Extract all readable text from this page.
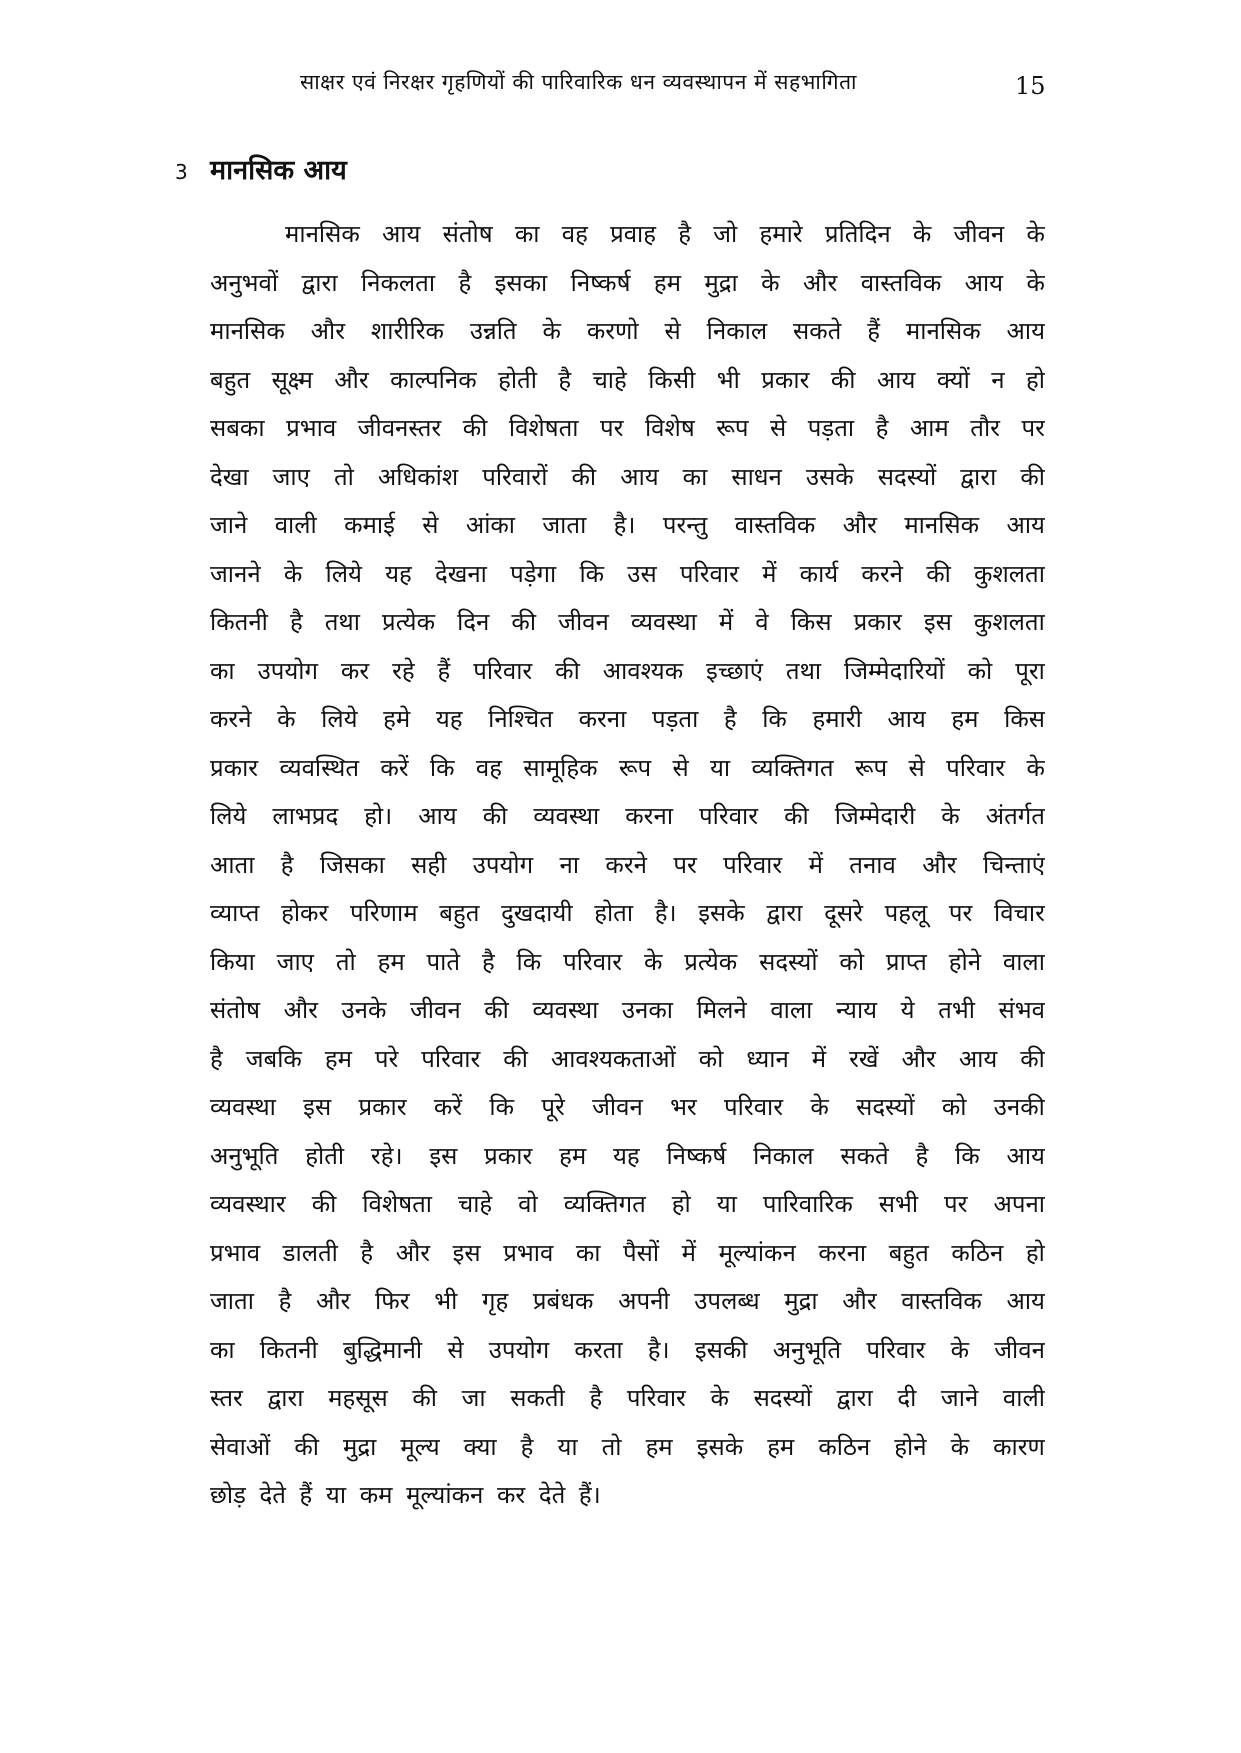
साक्षर एवं निरक्षर गृहणियों की पारिवारिक धन व्यवस्थापन में सहभागिता	15
3 मानसिक आय
मानसिक आय संतोष का वह प्रवाह है जो हमारे प्रतिदिन के जीवन के
अनुभवों द्वारा निकलता है इसका निष्कर्ष हम मुद्रा के और वास्तविक आय के
मानसिक और शारीरिक उन्नति के करणो से निकाल सकते हैं मानसिक आय
बहुत सूक्ष्म और काल्पनिक होती है चाहे किसी भी प्रकार की आय क्यों न हो
सबका प्रभाव जीवनस्तर की विशेषता पर विशेष रूप से पड़ता है आम तौर पर
देखा जाए तो अधिकांश परिवारों की आय का साधन उसके सदस्यों द्वारा की
जाने वाली कमाई से आंका जाता है। परन्तु वास्तविक और मानसिक आय
जानने के लिये यह देखना पड़ेगा कि उस परिवार में कार्य करने की कुशलता
कितनी है तथा प्रत्येक दिन की जीवन व्यवस्था में वे किस प्रकार इस कुशलता
का उपयोग कर रहे हैं परिवार की आवश्यक इच्छाएं तथा जिम्मेदारियों को पूरा
करने के लिये हमे यह निश्चित करना पड़ता है कि हमारी आय हम किस
प्रकार व्यवस्थित करें कि वह सामूहिक रूप से या व्यक्तिगत रूप से परिवार के
लिये लाभप्रद हो। आय की व्यवस्था करना परिवार की जिम्मेदारी के अंतर्गत
आता है जिसका सही उपयोग ना करने पर परिवार में तनाव और चिन्ताएं
व्याप्त होकर परिणाम बहुत दुखदायी होता है। इसके द्वारा दूसरे पहलू पर विचार
किया जाए तो हम पाते है कि परिवार के प्रत्येक सदस्यों को प्राप्त होने वाला
संतोष और उनके जीवन की व्यवस्था उनका मिलने वाला न्याय ये तभी संभव
है जबकि हम परे परिवार की आवश्यकताओं को ध्यान में रखें और आय की
व्यवस्था इस प्रकार करें कि पूरे जीवन भर परिवार के सदस्यों को उनकी
अनुभूति होती रहे। इस प्रकार हम यह निष्कर्ष निकाल सकते है कि आय
व्यवस्थार की विशेषता चाहे वो व्यक्तिगत हो या पारिवारिक सभी पर अपना
प्रभाव डालती है और इस प्रभाव का पैसों में मूल्यांकन करना बहुत कठिन हो
जाता है और फिर भी गृह प्रबंधक अपनी उपलब्ध मुद्रा और वास्तविक आय
का कितनी बुद्धिमानी से उपयोग करता है। इसकी अनुभूति परिवार के जीवन
स्तर द्वारा महसूस की जा सकती है परिवार के सदस्यों द्वारा दी जाने वाली
सेवाओं की मुद्रा मूल्य क्या है या तो हम इसके हम कठिन होने के कारण
छोड़ देते हैं या कम मूल्यांकन कर देते हैं।
